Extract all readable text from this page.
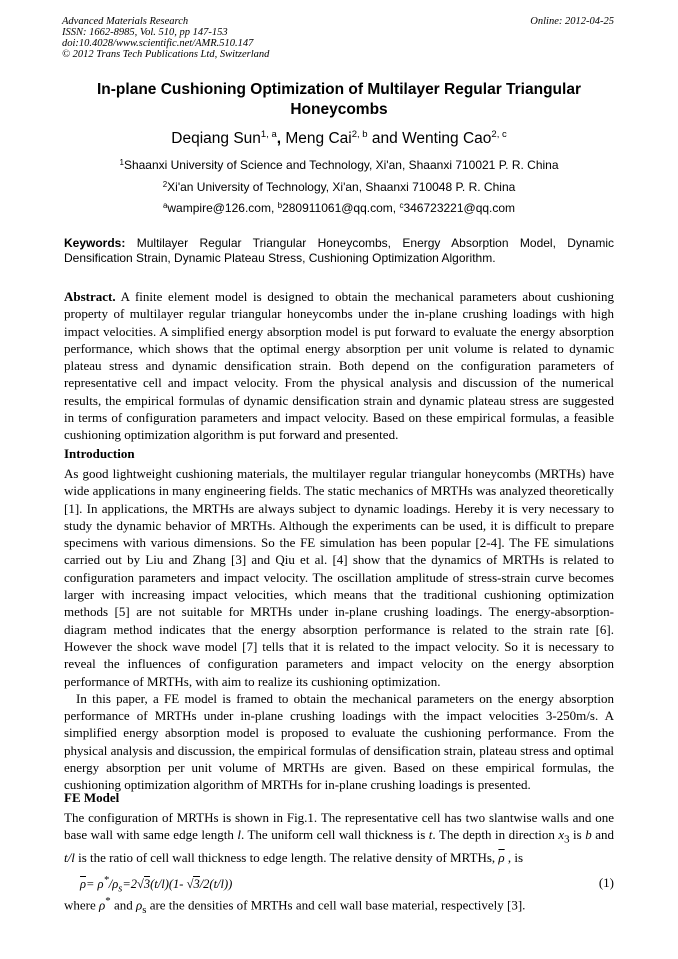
Advanced Materials Research
ISSN: 1662-8985, Vol. 510, pp 147-153
doi:10.4028/www.scientific.net/AMR.510.147
© 2012 Trans Tech Publications Ltd, Switzerland
Online: 2012-04-25
In-plane Cushioning Optimization of Multilayer Regular Triangular
Honeycombs
Deqiang Sun$^{1, a}$, Meng Cai$^{2, b}$ and Wenting Cao$^{2, c}$
$^1$Shaanxi University of Science and Technology, Xi'an, Shaanxi 710021 P. R. China
$^2$Xi'an University of Technology, Xi'an, Shaanxi 710048 P. R. China
$^a$wampire@126.com, $^b$280911061@qq.com, $^c$346723221@qq.com
Keywords: Multilayer Regular Triangular Honeycombs, Energy Absorption Model, Dynamic Densification Strain, Dynamic Plateau Stress, Cushioning Optimization Algorithm.
Abstract. A finite element model is designed to obtain the mechanical parameters about cushioning property of multilayer regular triangular honeycombs under the in-plane crushing loadings with high impact velocities. A simplified energy absorption model is put forward to evaluate the energy absorption performance, which shows that the optimal energy absorption per unit volume is related to dynamic plateau stress and dynamic densification strain. Both depend on the configuration parameters of representative cell and impact velocity. From the physical analysis and discussion of the numerical results, the empirical formulas of dynamic densification strain and dynamic plateau stress are suggested in terms of configuration parameters and impact velocity. Based on these empirical formulas, a feasible cushioning optimization algorithm is put forward and presented.
Introduction

As good lightweight cushioning materials, the multilayer regular triangular honeycombs (MRTHs) have wide applications in many engineering fields. The static mechanics of MRTHs was analyzed theoretically [1]. In applications, the MRTHs are always subject to dynamic loadings. Hereby it is very necessary to study the dynamic behavior of MRTHs. Although the experiments can be used, it is difficult to prepare specimens with various dimensions. So the FE simulation has been popular [2-4]. The FE simulations carried out by Liu and Zhang [3] and Qiu et al. [4] show that the dynamics of MRTHs is related to configuration parameters and impact velocity. The oscillation amplitude of stress-strain curve becomes larger with increasing impact velocities, which means that the traditional cushioning optimization methods [5] are not suitable for MRTHs under in-plane crushing loadings. The energy-absorption-diagram method indicates that the energy absorption performance is related to the strain rate [6]. However the shock wave model [7] tells that it is related to the impact velocity. So it is necessary to reveal the influences of configuration parameters and impact velocity on the energy absorption performance of MRTHs, with aim to realize its cushioning optimization.

In this paper, a FE model is framed to obtain the mechanical parameters on the energy absorption performance of MRTHs under in-plane crushing loadings with the impact velocities 3-250m/s. A simplified energy absorption model is proposed to evaluate the cushioning performance. From the physical analysis and discussion, the empirical formulas of densification strain, plateau stress and optimal energy absorption per unit volume of MRTHs are given. Based on these empirical formulas, the cushioning optimization algorithm of MRTHs for in-plane crushing loadings is presented.

FE Model
The configuration of MRTHs is shown in Fig.1. The representative cell has two slantwise walls and one base wall with same edge length l. The uniform cell wall thickness is t. The depth in direction $x_3$ is b and t/l is the ratio of cell wall thickness to edge length. The relative density of MRTHs, $\overline{\rho}$ , is
$\overline{\rho}= \rho^*/\rho_s=2√3(t/l)(1-$ √3/2(t/l))	(1)
where ρ* and $\rho_s$ are the densities of MRTHs and cell wall base material, respectively [3].
